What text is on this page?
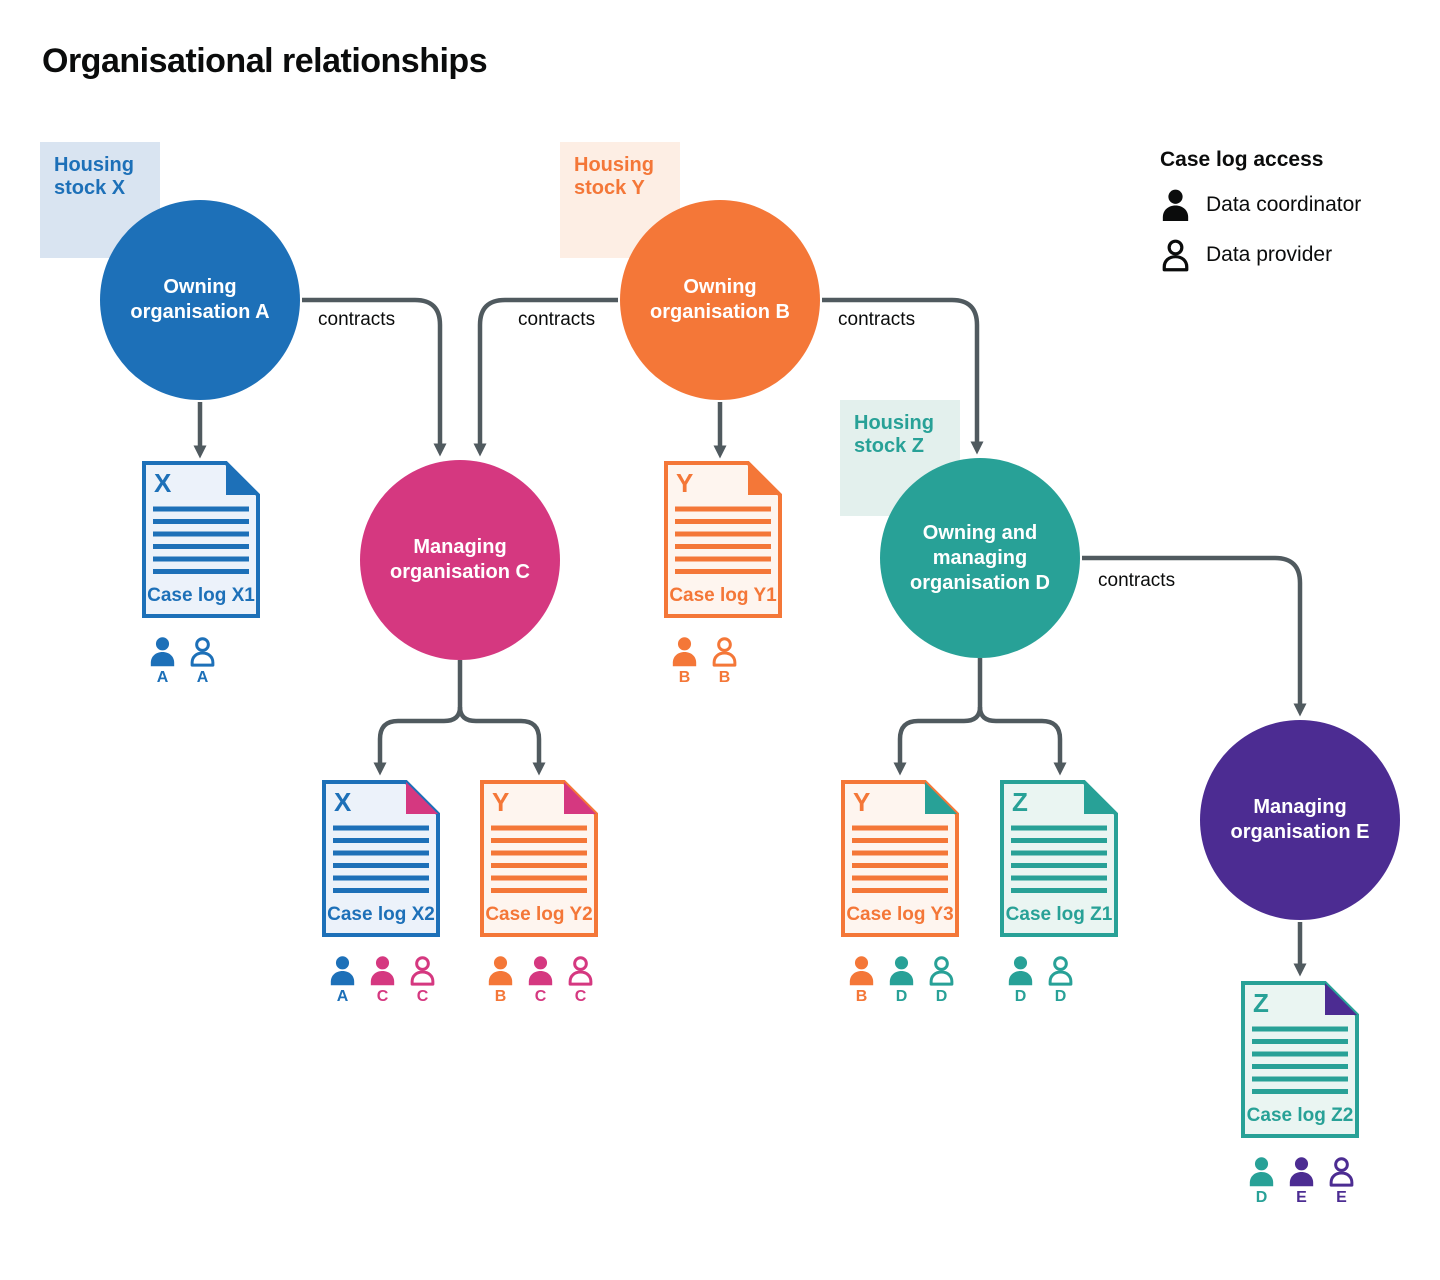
Organisational relationships
Housing stock X
Housing stock Y
Housing stock Z
Owning organisation A
Owning organisation B
Managing organisation C
Owning and managing organisation D
Managing organisation E
contracts	contracts	contracts
contracts
X
Case log X1
Y
Case log Y1
X
Case log X2
Y
Case log Y2
Y
Case log Y3
Z
Case log Z1
Z
Case log Z2
A	A	B	B
A	C	C	B	C	C	B	D	D	D	D
D	E	E
Case log access
Data coordinator
Data provider
